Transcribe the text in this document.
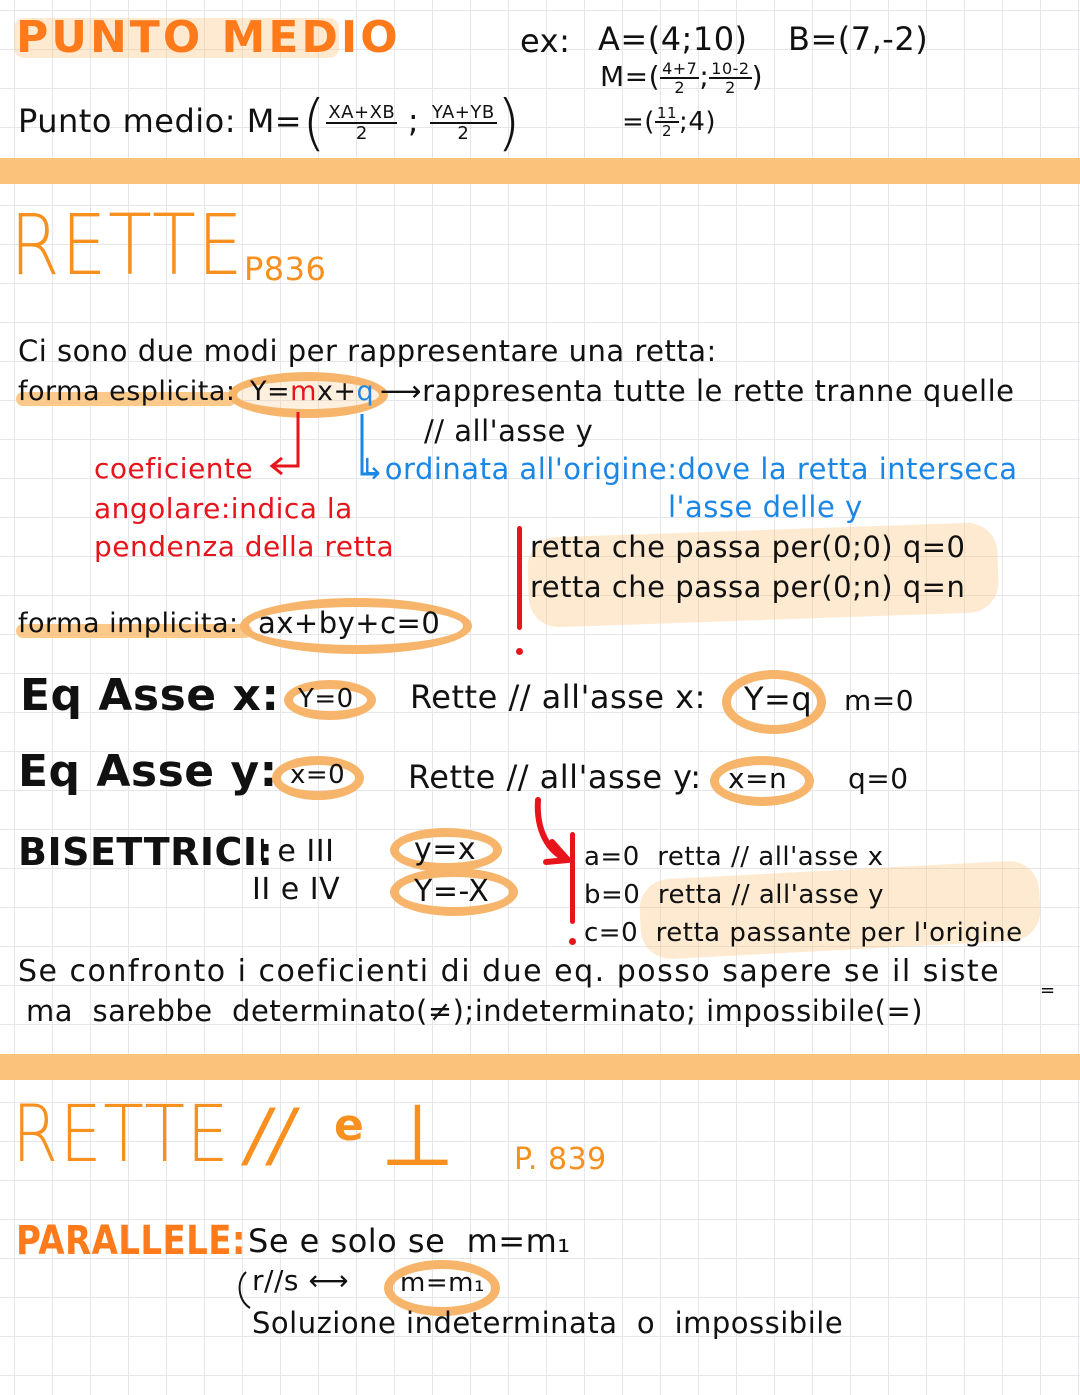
PUNTO MEDIO
Punto medio: $M=( \frac{XA+XB}{2}$ ; $\frac{YA+YB}{2}$ )
ex: A=(4;10) B=(7,-2)
$M=( \frac{4+7}{2}$ ; $\frac{10-2}{2}$ )
=( $\frac{11}{2}$ ;4)
RETTE P836
Ci sono due modi per rappresentare una retta:
forma esplicita: Y=mx+q ⟶rappresenta tutte le rette tranne quelle
// all'asse y
coeficiente
angolare:indica la
pendenza della retta
↳ordinata all'origine:dove la retta interseca
l'asse delle y
retta che passa per(0;0) q=0
retta che passa per(0;n) q=n
forma implicita: ax+by+c=0
Eq Asse x: Y=0 Rette // all'asse x: Y=q m=0
Eq Asse y: x=0 Rette // all'asse y: x=n q=0
BISETTRICI:
I e III
II e IV
y=x
Y=-X
a=0  retta // all'asse x
b=0  retta // all'asse y
c=0  retta passante per l'origine
Se confronto i coeficienti di due eq. posso sapere se il siste
=
ma  sarebbe  determinato(≠);indeterminato; impossibile(=)
RETTE // e ⊥ P. 839
PARALLELE: Se e solo se  m=m₁
r//s ⟷ m=m₁
Soluzione indeterminata  o  impossibile
